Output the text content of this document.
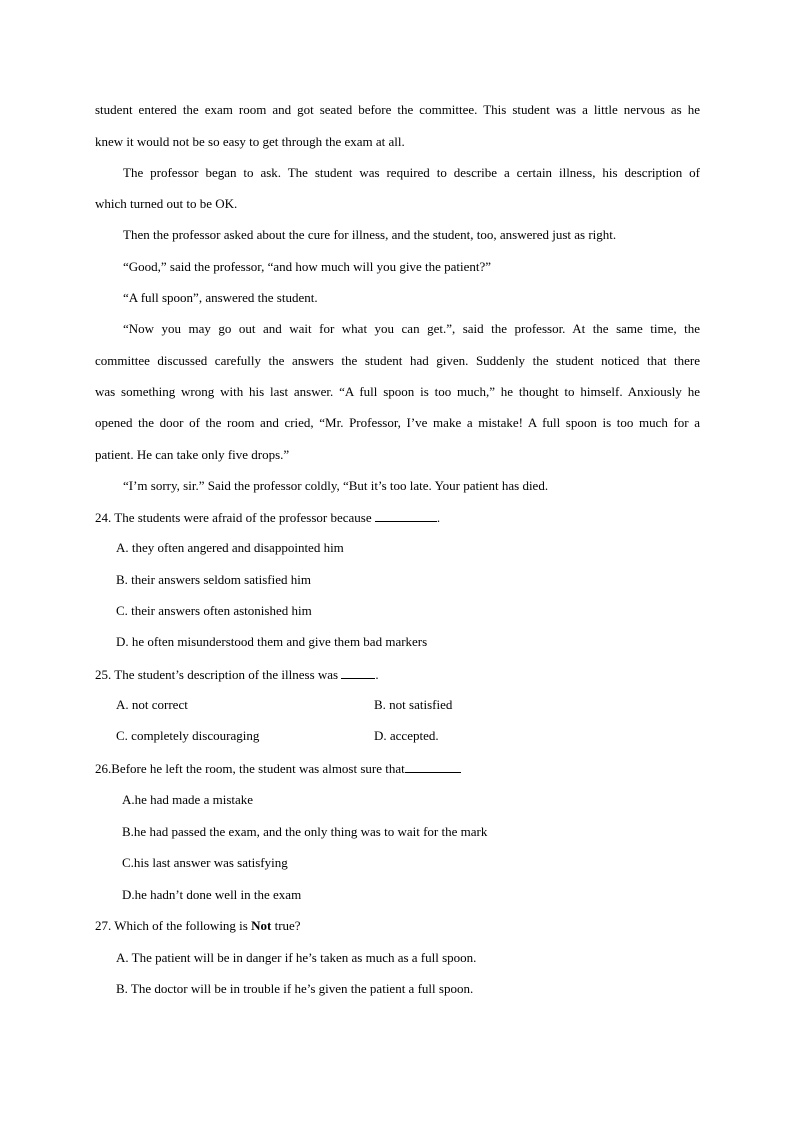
student entered the exam room and got seated before the committee. This student was a little nervous as he
knew it would not be so easy to get through the exam at all.
The professor began to ask. The student was required to describe a certain illness, his description of
which turned out to be OK.
Then the professor asked about the cure for illness, and the student, too, answered just as right.
“Good,” said the professor, “and how much will you give the patient?”
“A full spoon”, answered the student.
“Now you may go out and wait for what you can get.”, said the professor. At the same time, the
committee discussed carefully the answers the student had given. Suddenly the student noticed that there
was something wrong with his last answer. “A full spoon is too much,” he thought to himself. Anxiously he
opened the door of the room and cried, “Mr. Professor, I’ve make a mistake! A full spoon is too much for a
patient. He can take only five drops.”
“I’m sorry, sir.” Said the professor coldly, “But it’s too late. Your patient has died.
24. The students were afraid of the professor because	.
A. they often angered and disappointed him
B. their answers seldom satisfied him
C. their answers often astonished him
D. he often misunderstood them and give them bad markers
25. The student’s description of the illness was	.
A. not correct	B. not satisfied
C. completely discouraging	D. accepted.
26.Before he left the room, the student was almost sure that
A.he had made a mistake
B.he had passed the exam, and the only thing was to wait for the mark
C.his last answer was satisfying
D.he hadn’t done well in the exam
27. Which of the following is Not true?
A. The patient will be in danger if he’s taken as much as a full spoon.
B. The doctor will be in trouble if he’s given the patient a full spoon.
